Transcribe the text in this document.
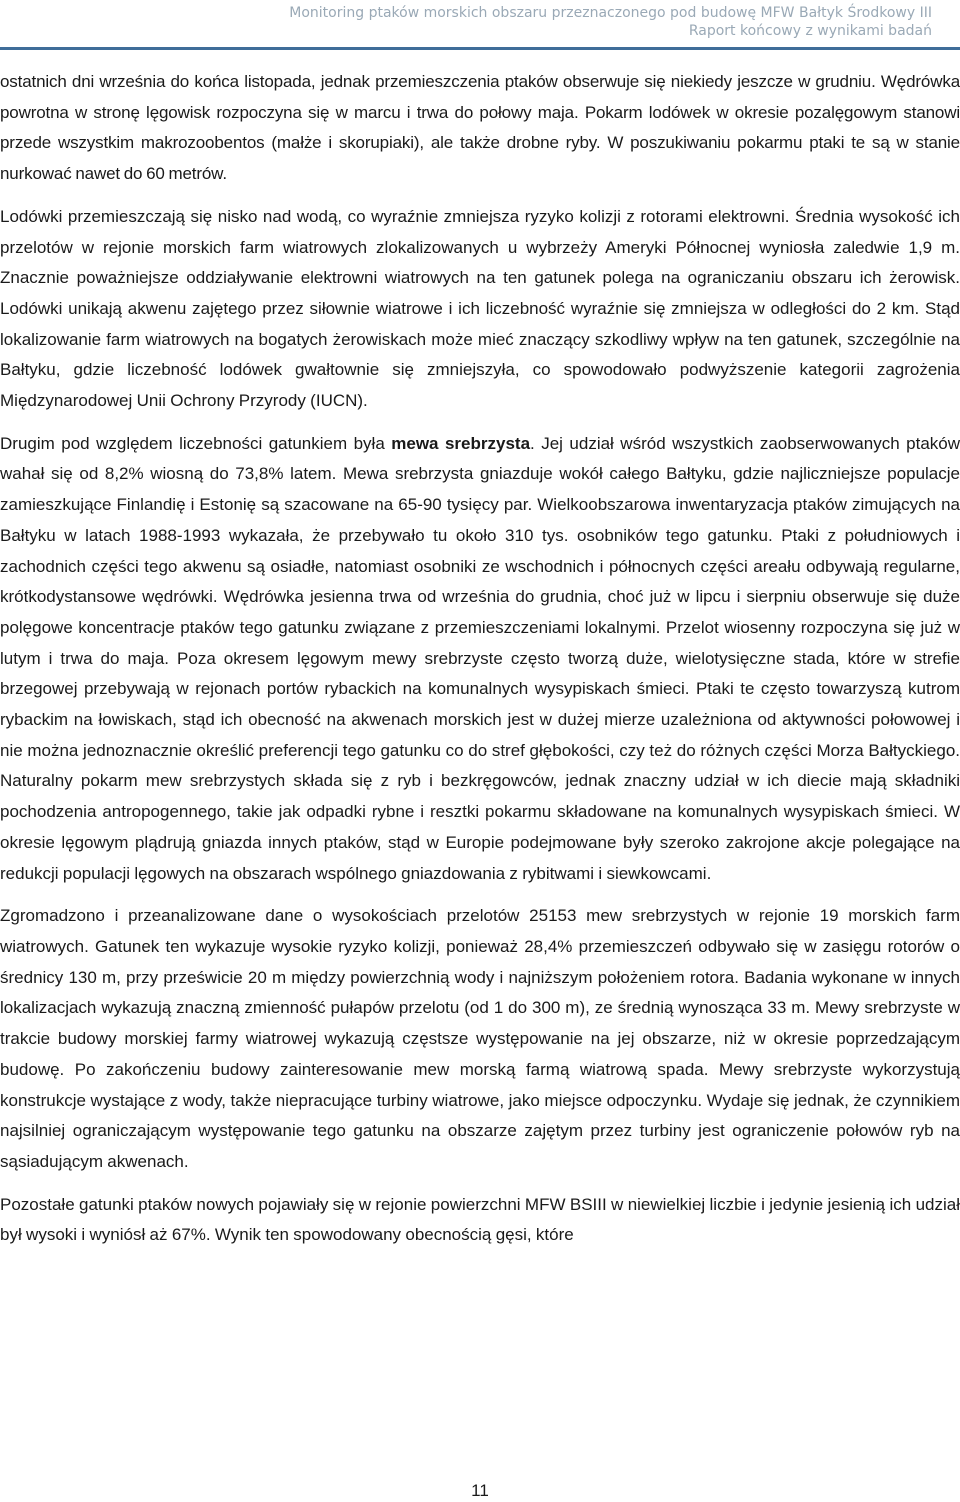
Monitoring ptaków morskich obszaru przeznaczonego pod budowę MFW Bałtyk Środkowy III
Raport końcowy z wynikami badań

ostatnich dni września do końca listopada, jednak przemieszczenia ptaków obserwuje się niekiedy jeszcze w grudniu. Wędrówka powrotna w stronę lęgowisk rozpoczyna się w marcu i trwa do połowy maja. Pokarm lodówek w okresie pozalęgowym stanowi przede wszystkim makrozoobentos (małże i skorupiaki), ale także drobne ryby. W poszukiwaniu pokarmu ptaki te są w stanie nurkować nawet do 60 metrów.

Lodówki przemieszczają się nisko nad wodą, co wyraźnie zmniejsza ryzyko kolizji z rotorami elektrowni. Średnia wysokość ich przelotów w rejonie morskich farm wiatrowych zlokalizowanych u wybrzeży Ameryki Północnej wyniosła zaledwie 1,9 m. Znacznie poważniejsze oddziaływanie elektrowni wiatrowych na ten gatunek polega na ograniczaniu obszaru ich żerowisk. Lodówki unikają akwenu zajętego przez siłownie wiatrowe i ich liczebność wyraźnie się zmniejsza w odległości do 2 km. Stąd lokalizowanie farm wiatrowych na bogatych żerowiskach może mieć znaczący szkodliwy wpływ na ten gatunek, szczególnie na Bałtyku, gdzie liczebność lodówek gwałtownie się zmniejszyła, co spowodowało podwyższenie kategorii zagrożenia Międzynarodowej Unii Ochrony Przyrody (IUCN).

Drugim pod względem liczebności gatunkiem była mewa srebrzysta. Jej udział wśród wszystkich zaobserwowanych ptaków wahał się od 8,2% wiosną do 73,8% latem. Mewa srebrzysta gniazduje wokół całego Bałtyku, gdzie najliczniejsze populacje zamieszkujące Finlandię i Estonię są szacowane na 65-90 tysięcy par. Wielkoobszarowa inwentaryzacja ptaków zimujących na Bałtyku w latach 1988-1993 wykazała, że przebywało tu około 310 tys. osobników tego gatunku. Ptaki z południowych i zachodnich części tego akwenu są osiadłe, natomiast osobniki ze wschodnich i północnych części areału odbywają regularne, krótkodystansowe wędrówki. Wędrówka jesienna trwa od września do grudnia, choć już w lipcu i sierpniu obserwuje się duże polęgowe koncentracje ptaków tego gatunku związane z przemieszczeniami lokalnymi. Przelot wiosenny rozpoczyna się już w lutym i trwa do maja. Poza okresem lęgowym mewy srebrzyste często tworzą duże, wielotysięczne stada, które w strefie brzegowej przebywają w rejonach portów rybackich na komunalnych wysypiskach śmieci. Ptaki te często towarzyszą kutrom rybackim na łowiskach, stąd ich obecność na akwenach morskich jest w dużej mierze uzależniona od aktywności połowowej i nie można jednoznacznie określić preferencji tego gatunku co do stref głębokości, czy też do różnych części Morza Bałtyckiego. Naturalny pokarm mew srebrzystych składa się z ryb i bezkręgowców, jednak znaczny udział w ich diecie mają składniki pochodzenia antropogennego, takie jak odpadki rybne i resztki pokarmu składowane na komunalnych wysypiskach śmieci. W okresie lęgowym plądrują gniazda innych ptaków, stąd w Europie podejmowane były szeroko zakrojone akcje polegające na redukcji populacji lęgowych na obszarach wspólnego gniazdowania z rybitwami i siewkowcami.

Zgromadzono i przeanalizowane dane o wysokościach przelotów 25153 mew srebrzystych w rejonie 19 morskich farm wiatrowych. Gatunek ten wykazuje wysokie ryzyko kolizji, ponieważ 28,4% przemieszczeń odbywało się w zasięgu rotorów o średnicy 130 m, przy prześwicie 20 m między powierzchnią wody i najniższym położeniem rotora. Badania wykonane w innych lokalizacjach wykazują znaczną zmienność pułapów przelotu (od 1 do 300 m), ze średnią wynosząca 33 m. Mewy srebrzyste w trakcie budowy morskiej farmy wiatrowej wykazują częstsze występowanie na jej obszarze, niż w okresie poprzedzającym budowę. Po zakończeniu budowy zainteresowanie mew morską farmą wiatrową spada. Mewy srebrzyste wykorzystują konstrukcje wystające z wody, także niepracujące turbiny wiatrowe, jako miejsce odpoczynku. Wydaje się jednak, że czynnikiem najsilniej ograniczającym występowanie tego gatunku na obszarze zajętym przez turbiny jest ograniczenie połowów ryb na sąsiadującym akwenach.

Pozostałe gatunki ptaków nowych pojawiały się w rejonie powierzchni MFW BSIII w niewielkiej liczbie i jedynie jesienią ich udział był wysoki i wyniósł aż 67%. Wynik ten spowodowany obecnością gęsi, które

11
